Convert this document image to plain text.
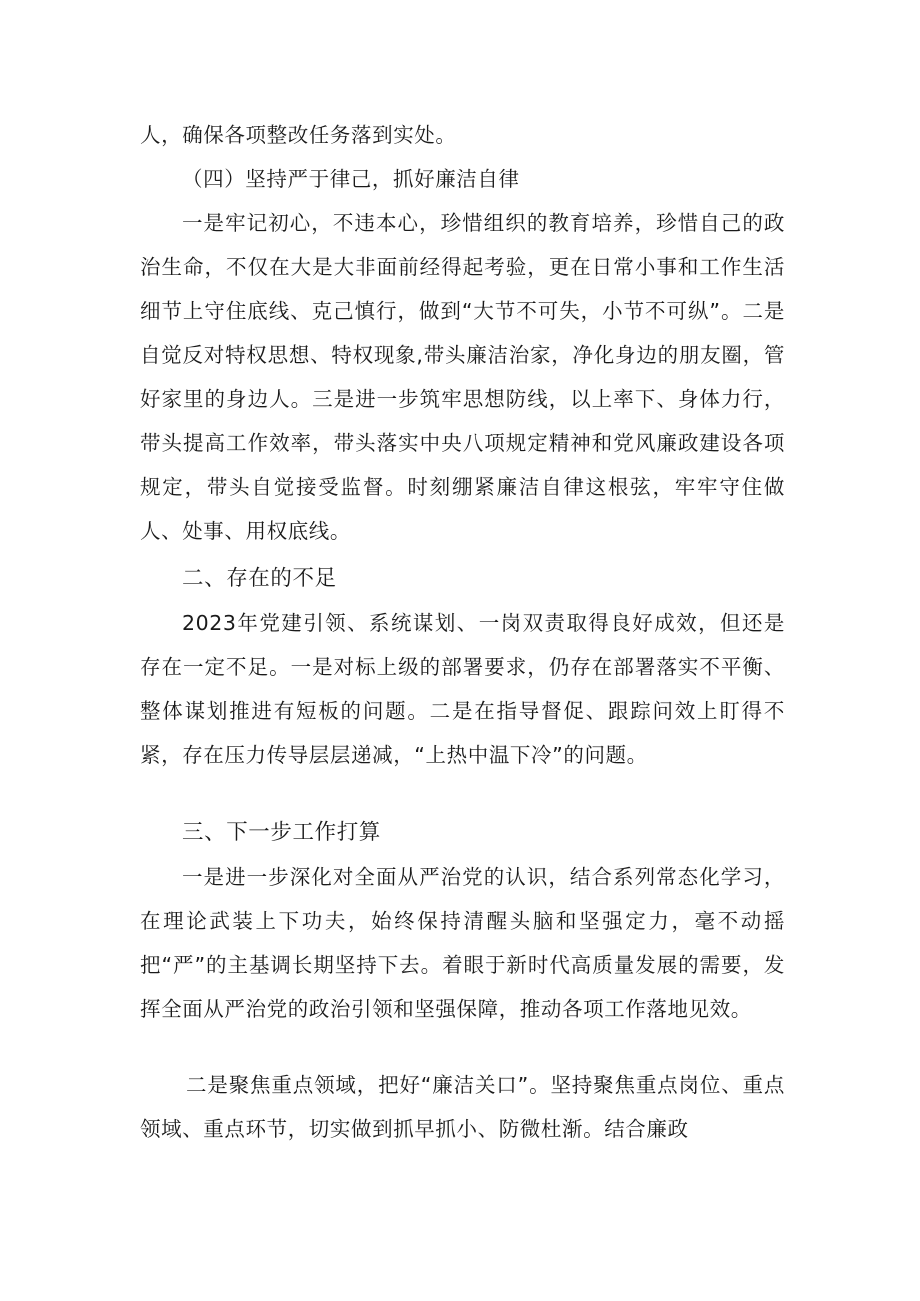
人，确保各项整改任务落到实处。

（四）坚持严于律己，抓好廉洁自律

一是牢记初心，不违本心，珍惜组织的教育培养，珍惜自己的政治生命，不仅在大是大非面前经得起考验，更在日常小事和工作生活细节上守住底线、克己慎行，做到“大节不可失，小节不可纵”。二是自觉反对特权思想、特权现象,带头廉洁治家，净化身边的朋友圈，管好家里的身边人。三是进一步筑牢思想防线，以上率下、身体力行，带头提高工作效率，带头落实中央八项规定精神和党风廉政建设各项规定，带头自觉接受监督。时刻绷紧廉洁自律这根弦，牢牢守住做人、处事、用权底线。

二、存在的不足

2023年党建引领、系统谋划、一岗双责取得良好成效，但还是存在一定不足。一是对标上级的部署要求，仍存在部署落实不平衡、整体谋划推进有短板的问题。二是在指导督促、跟踪问效上盯得不紧，存在压力传导层层递减，“上热中温下冷”的问题。

三、下一步工作打算

一是进一步深化对全面从严治党的认识，结合系列常态化学习，在理论武装上下功夫，始终保持清醒头脑和坚强定力，毫不动摇把“严”的主基调长期坚持下去。着眼于新时代高质量发展的需要，发挥全面从严治党的政治引领和坚强保障，推动各项工作落地见效。

二是聚焦重点领域，把好“廉洁关口”。坚持聚焦重点岗位、重点领域、重点环节，切实做到抓早抓小、防微杜渐。结合廉政
